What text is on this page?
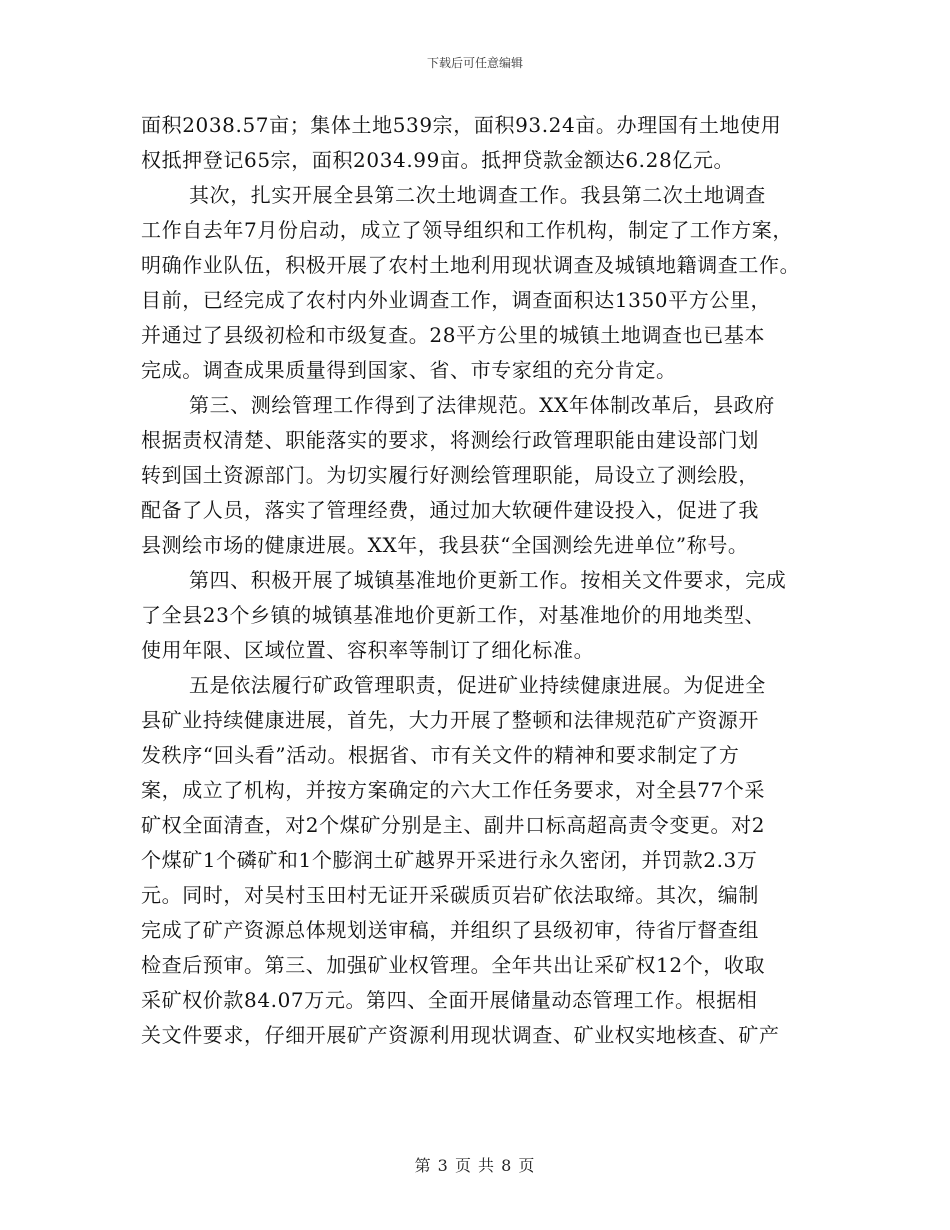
下载后可任意编辑
面积2038.57亩；集体土地539宗，面积93.24亩。办理国有土地使用
权抵押登记65宗，面积2034.99亩。抵押贷款金额达6.28亿元。
其次，扎实开展全县第二次土地调查工作。我县第二次土地调查
工作自去年7月份启动，成立了领导组织和工作机构，制定了工作方案，
明确作业队伍，积极开展了农村土地利用现状调查及城镇地籍调查工作。
目前，已经完成了农村内外业调查工作，调查面积达1350平方公里，
并通过了县级初检和市级复查。28平方公里的城镇土地调查也已基本
完成。调查成果质量得到国家、省、市专家组的充分肯定。
第三、测绘管理工作得到了法律规范。XX年体制改革后，县政府
根据责权清楚、职能落实的要求，将测绘行政管理职能由建设部门划
转到国土资源部门。为切实履行好测绘管理职能，局设立了测绘股，
配备了人员，落实了管理经费，通过加大软硬件建设投入，促进了我
县测绘市场的健康进展。XX年，我县获“全国测绘先进单位”称号。
第四、积极开展了城镇基准地价更新工作。按相关文件要求，完成
了全县23个乡镇的城镇基准地价更新工作，对基准地价的用地类型、
使用年限、区域位置、容积率等制订了细化标准。
五是依法履行矿政管理职责，促进矿业持续健康进展。为促进全
县矿业持续健康进展，首先，大力开展了整顿和法律规范矿产资源开
发秩序“回头看”活动。根据省、市有关文件的精神和要求制定了方
案，成立了机构，并按方案确定的六大工作任务要求，对全县77个采
矿权全面清查，对2个煤矿分别是主、副井口标高超高责令变更。对2
个煤矿1个磷矿和1个膨润土矿越界开采进行永久密闭，并罚款2.3万
元。同时，对吴村玉田村无证开采碳质页岩矿依法取缔。其次，编制
完成了矿产资源总体规划送审稿，并组织了县级初审，待省厅督查组
检查后预审。第三、加强矿业权管理。全年共出让采矿权12个，收取
采矿权价款84.07万元。第四、全面开展储量动态管理工作。根据相
关文件要求，仔细开展矿产资源利用现状调查、矿业权实地核查、矿产
第 3 页 共 8 页
